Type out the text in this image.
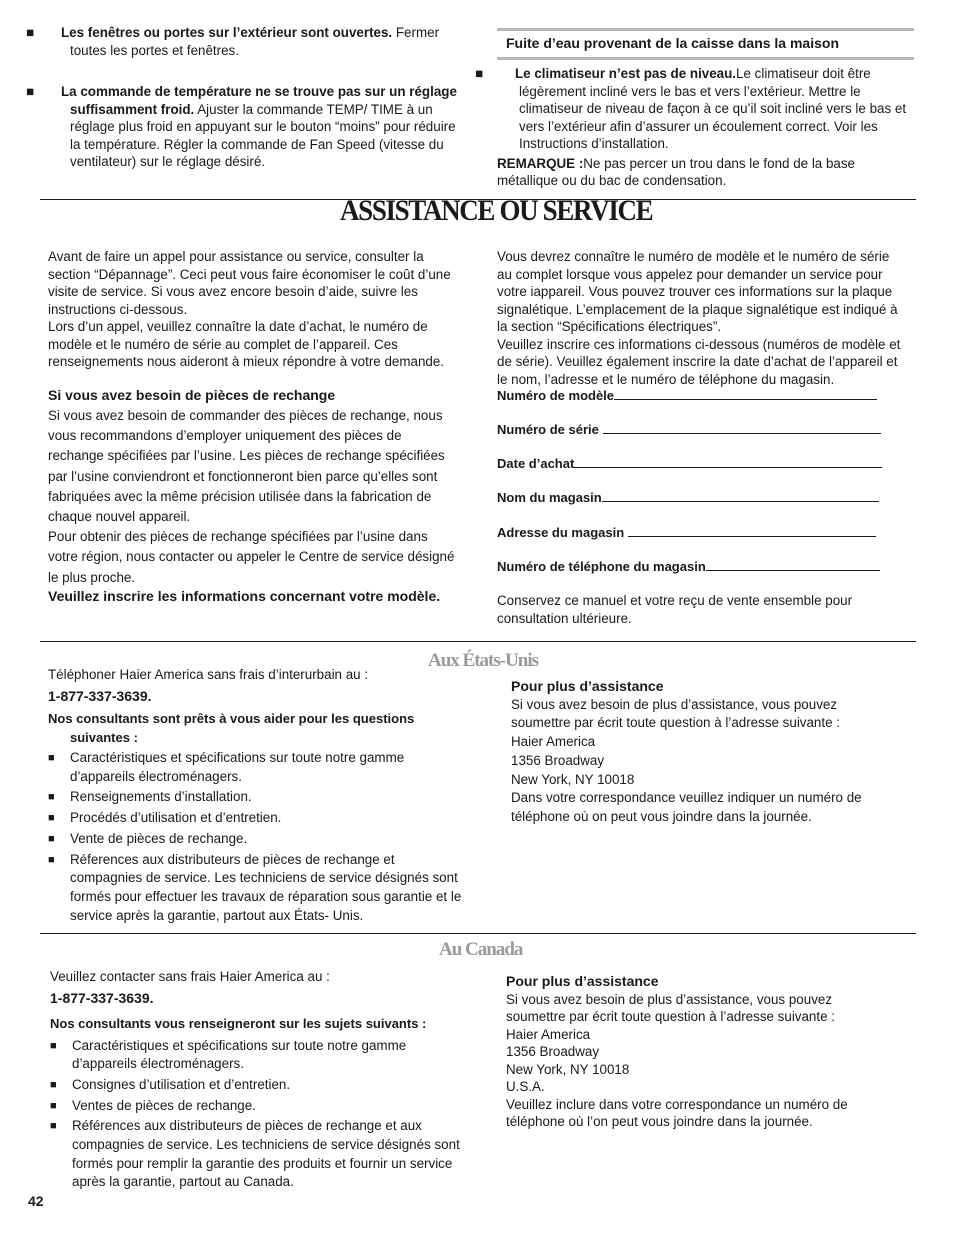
■ Les fenêtres ou portes sur l’extérieur sont ouvertes. Fermer toutes les portes et fenêtres.

■ La commande de température ne se trouve pas sur un réglage suffisamment froid. Ajuster la commande TEMP/ TIME à un réglage plus froid en appuyant sur le bouton “moins” pour réduire la température. Régler la commande de Fan Speed (vitesse du ventilateur) sur le réglage désiré.

Fuite d’eau provenant de la caisse dans la maison

■ Le climatiseur n’est pas de niveau.Le climatiseur doit être légèrement incliné vers le bas et vers l’extérieur. Mettre le climatiseur de niveau de façon à ce qu’il soit incliné vers le bas et vers l’extérieur afin d’assurer un écoulement correct. Voir les Instructions d’installation.

REMARQUE :Ne pas percer un trou dans le fond de la base métallique ou du bac de condensation.

ASSISTANCE OU SERVICE

Avant de faire un appel pour assistance ou service, consulter la section “Dépannage”. Ceci peut vous faire économiser le coût d’une visite de service. Si vous avez encore besoin d’aide, suivre les instructions ci-dessous.

Lors d’un appel, veuillez connaître la date d’achat, le numéro de modèle et le numéro de série au complet de l’appareil. Ces renseignements nous aideront à mieux répondre à votre demande.

Si vous avez besoin de pièces de rechange

Si vous avez besoin de commander des pièces de rechange, nous vous recommandons d’employer uniquement des pièces de rechange spécifiées par l’usine. Les pièces de rechange spécifiées par l’usine conviendront et fonctionneront bien parce qu’elles sont fabriquées avec la même précision utilisée dans la fabrication de chaque nouvel appareil.

Pour obtenir des pièces de rechange spécifiées par l’usine dans votre région, nous contacter ou appeler le Centre de service désigné le plus proche.

Veuillez inscrire les informations concernant votre modèle.

Vous devrez connaître le numéro de modèle et le numéro de série au complet lorsque vous appelez pour demander un service pour votre iappareil. Vous pouvez trouver ces informations sur la plaque signalétique. L’emplacement de la plaque signalétique est indiqué à la section “Spécifications électriques”.

Veuillez inscrire ces informations ci-dessous (numéros de modèle et de série). Veuillez également inscrire la date d’achat de l’appareil et le nom, l’adresse et le numéro de téléphone du magasin.

Numéro de modèle
Numéro de série
Date d’achat
Nom du magasin
Adresse du magasin
Numéro de téléphone du magasin

Conservez ce manuel et votre reçu de vente ensemble pour consultation ultérieure.

Aux États-Unis

Téléphoner Haier America sans frais d’interurbain au :

1-877-337-3639.

Nos consultants sont prêts à vous aider pour les questions suivantes :

■ Caractéristiques et spécifications sur toute notre gamme d’appareils électroménagers.
■ Renseignements d’installation.
■ Procédés d’utilisation et d’entretien.
■ Vente de pièces de rechange.
■ Réferences aux distributeurs de pièces de rechange et compagnies de service. Les techniciens de service désignés sont formés pour effectuer les travaux de réparation sous garantie et le service après la garantie, partout aux États- Unis.

Pour plus d’assistance

Si vous avez besoin de plus d’assistance, vous pouvez soumettre par écrit toute question à l’adresse suivante :

Haier America

1356 Broadway

New York, NY 10018

Dans votre correspondance veuillez indiquer un numéro de téléphone où on peut vous joindre dans la journée.

Au Canada

Veuillez contacter sans frais Haier America au :

1-877-337-3639.

Nos consultants vous renseigneront sur les sujets suivants :

■ Caractéristiques et spécifications sur toute notre gamme d’appareils électroménagers.
■ Consignes d’utilisation et d’entretien.
■ Ventes de pièces de rechange.
■ Références aux distributeurs de pièces de rechange et aux compagnies de service. Les techniciens de service désignés sont formés pour remplir la garantie des produits et fournir un service après la garantie, partout au Canada.

Pour plus d’assistance

Si vous avez besoin de plus d’assistance, vous pouvez soumettre par écrit toute question à l’adresse suivante :

Haier America

1356 Broadway

New York, NY 10018

U.S.A.

Veuillez inclure dans votre correspondance un numéro de téléphone où l’on peut vous joindre dans la journée.

42
